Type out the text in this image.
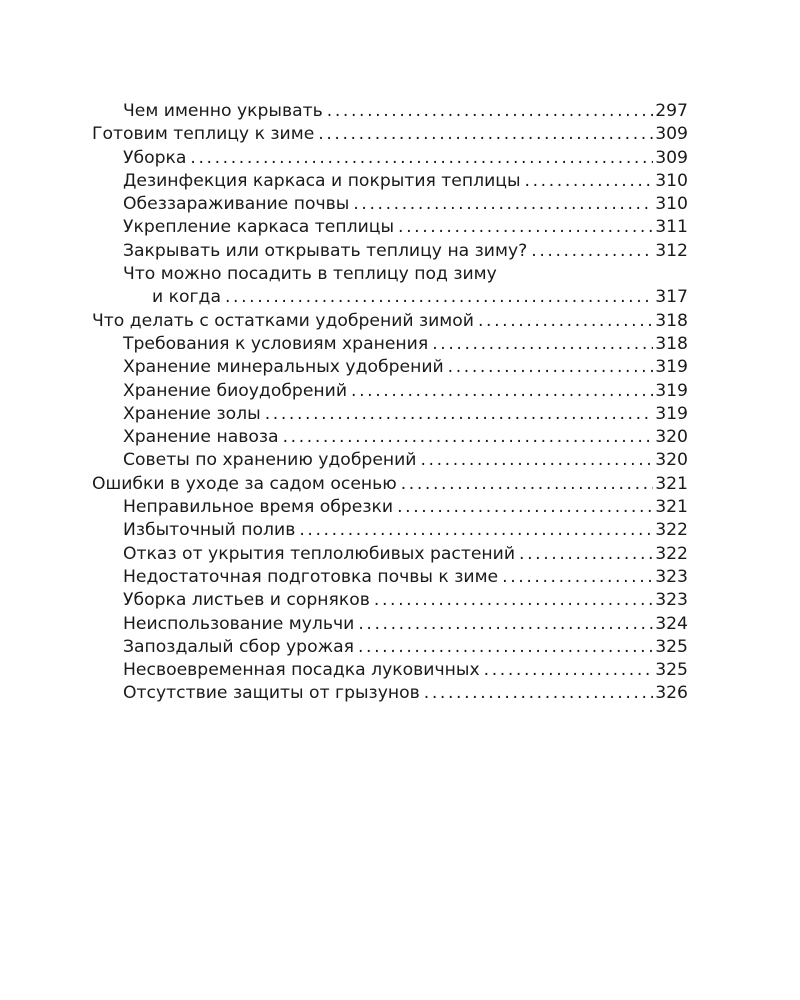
Чем именно укрывать .....	297
Готовим теплицу к зиме .....	309
Уборка .....	309
Дезинфекция каркаса и покрытия теплицы .....	310
Обеззараживание почвы .....	310
Укрепление каркаса теплицы .....	311
Закрывать или открывать теплицу на зиму? .....	312
Что можно посадить в теплицу под зиму
и когда .....	317
Что делать с остатками удобрений зимой .....	318
Требования к условиям хранения .....	318
Хранение минеральных удобрений .....	319
Хранение биоудобрений .....	319
Хранение золы .....	319
Хранение навоза .....	320
Советы по хранению удобрений .....	320
Ошибки в уходе за садом осенью .....	321
Неправильное время обрезки .....	321
Избыточный полив .....	322
Отказ от укрытия теплолюбивых растений .....	322
Недостаточная подготовка почвы к зиме .....	323
Уборка листьев и сорняков .....	323
Неиспользование мульчи .....	324
Запоздалый сбор урожая .....	325
Несвоевременная посадка луковичных .....	325
Отсутствие защиты от грызунов .....	326
